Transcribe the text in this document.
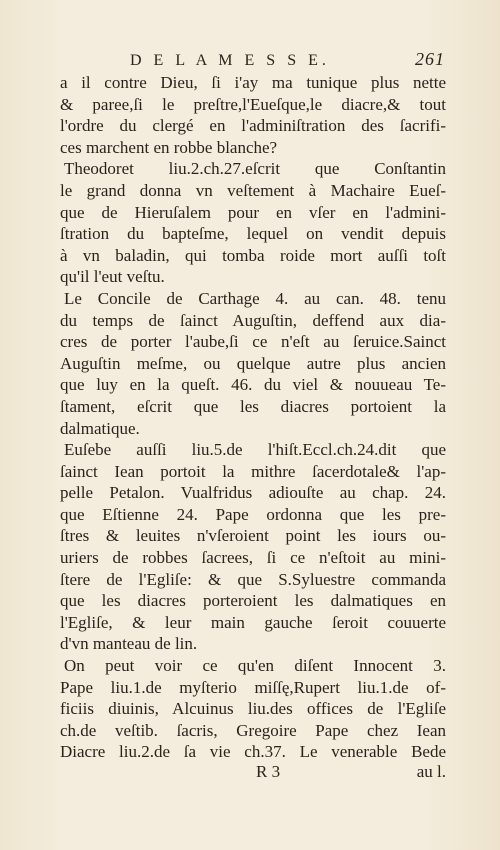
D E L A M E S S E.	261
a il contre Dieu, ſi i'ay ma tunique plus nette
& paree,ſi le preſtre,l'Eueſque,le diacre,& tout
l'ordre du clergé en l'adminiſtration des ſacrifi-
ces marchent en robbe blanche?
Theodoret liu.2.ch.27.eſcrit que Conſtantin
le grand donna vn veſtement à Machaire Eueſ-
que de Hieruſalem pour en vſer en l'admini-
ſtration du bapteſme, lequel on vendit depuis
à vn baladin, qui tomba roide mort auſſi toſt
qu'il l'eut veſtu.
Le Concile de Carthage 4. au can. 48. tenu
du temps de ſainct Auguſtin, deffend aux dia-
cres de porter l'aube,ſi ce n'eſt au ſeruice.Sainct
Auguſtin meſme, ou quelque autre plus ancien
que luy en la queſt. 46. du viel & nouueau Te-
ſtament, eſcrit que les diacres portoient la
dalmatique.
Euſebe auſſi liu.5.de l'hiſt.Eccl.ch.24.dit que
ſainct Iean portoit la mithre ſacerdotale& l'ap-
pelle Petalon. Vualfridus adiouſte au chap. 24.
que Eſtienne 24. Pape ordonna que les pre-
ſtres & leuites n'vſeroient point les iours ou-
uriers de robbes ſacrees, ſi ce n'eſtoit au mini-
ſtere de l'Egliſe: & que S.Syluestre commanda
que les diacres porteroient les dalmatiques en
l'Egliſe, & leur main gauche ſeroit couuerte
d'vn manteau de lin.
On peut voir ce qu'en diſent Innocent 3.
Pape liu.1.de myſterio miſſę,Rupert liu.1.de of-
ficiis diuinis, Alcuinus liu.des offices de l'Egliſe
ch.de veſtib. ſacris, Gregoire Pape chez Iean
Diacre liu.2.de ſa vie ch.37. Le venerable Bede
R 3	au l.
